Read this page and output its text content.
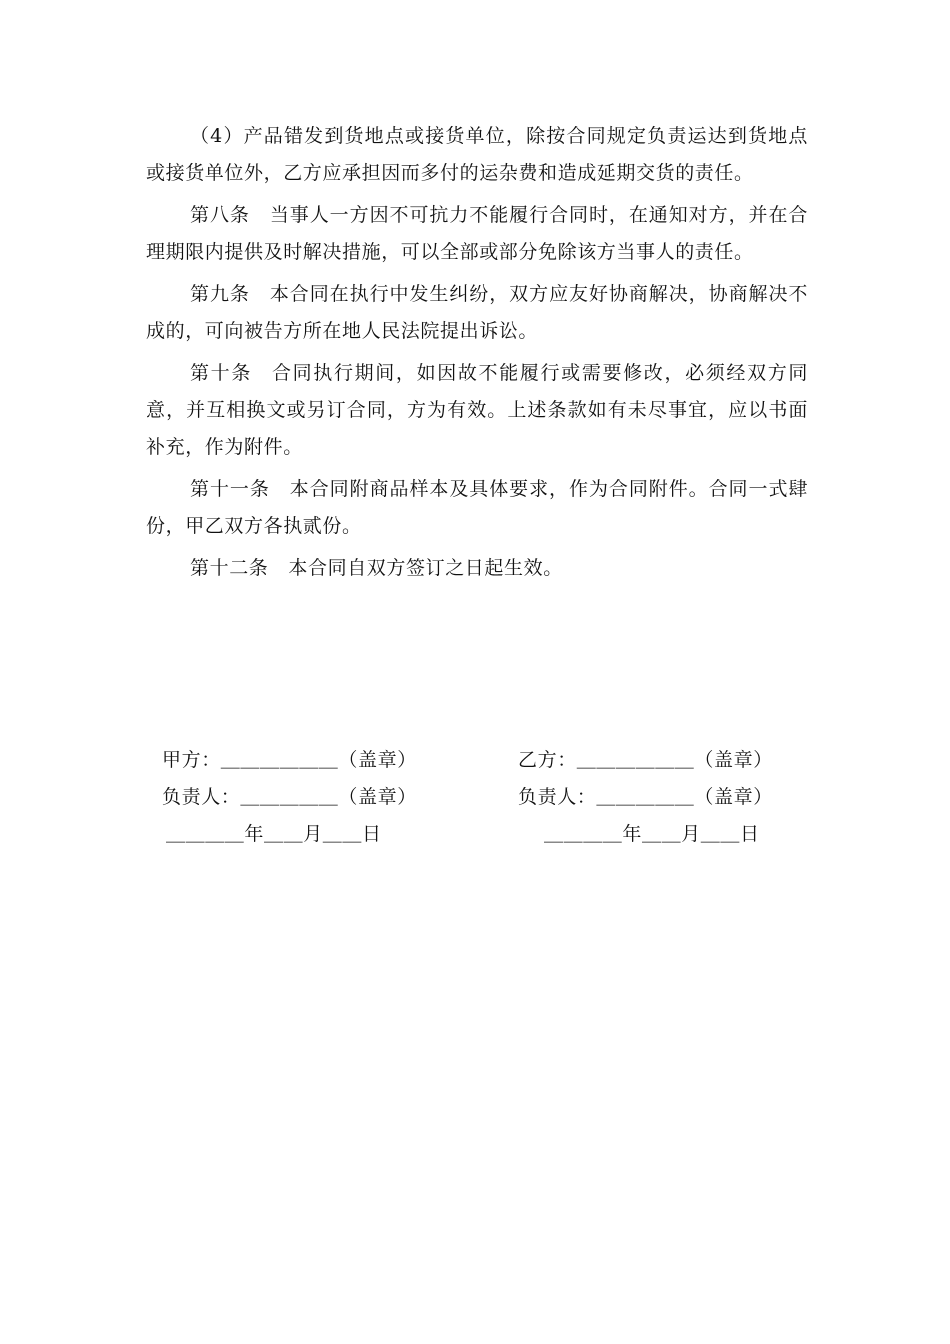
（4）产品错发到货地点或接货单位，除按合同规定负责运达到货地点或接货单位外，乙方应承担因而多付的运杂费和造成延期交货的责任。

第八条 当事人一方因不可抗力不能履行合同时，在通知对方，并在合理期限内提供及时解决措施，可以全部或部分免除该方当事人的责任。

第九条 本合同在执行中发生纠纷，双方应友好协商解决，协商解决不成的，可向被告方所在地人民法院提出诉讼。

第十条 合同执行期间，如因故不能履行或需要修改，必须经双方同意，并互相换文或另订合同，方为有效。上述条款如有未尽事宜，应以书面补充，作为附件。

第十一条 本合同附商品样本及具体要求，作为合同附件。合同一式肆份，甲乙双方各执贰份。

第十二条 本合同自双方签订之日起生效。

甲方：＿＿＿＿＿＿（盖章）	乙方：＿＿＿＿＿＿（盖章）
负责人：＿＿＿＿＿（盖章）	负责人：＿＿＿＿＿（盖章）
＿＿＿＿年＿＿月＿＿日	＿＿＿＿年＿＿月＿＿日
